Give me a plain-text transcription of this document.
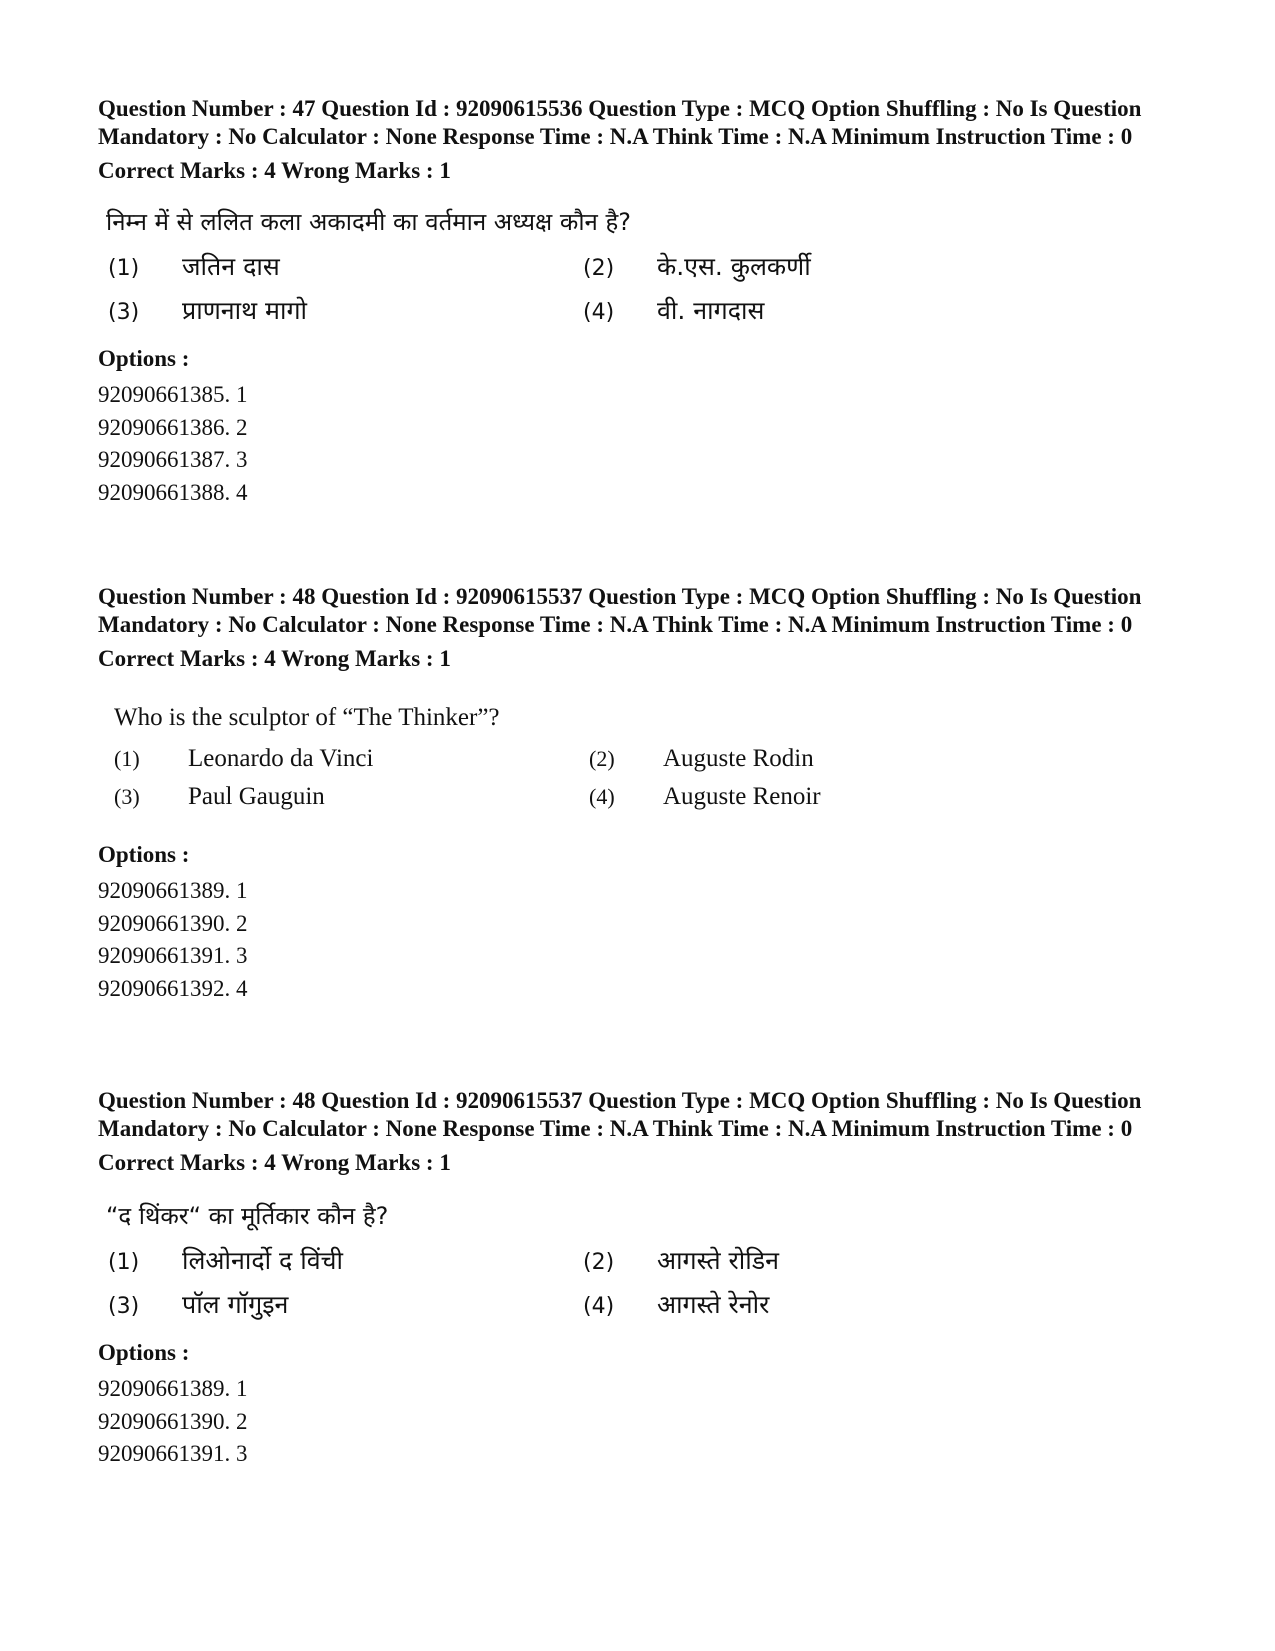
Question Number : 47 Question Id : 92090615536 Question Type : MCQ Option Shuffling : No Is Question Mandatory : No Calculator : None Response Time : N.A Think Time : N.A Minimum Instruction Time : 0

Correct Marks : 4 Wrong Marks : 1

निम्न में से ललित कला अकादमी का वर्तमान अध्यक्ष कौन है?

(1)	जतिन दास	(2)	के.एस. कुलकर्णी
(3)	प्राणनाथ मागो	(4)	वी. नागदास
Options :
92090661385. 1
92090661386. 2
92090661387. 3
92090661388. 4

Question Number : 48 Question Id : 92090615537 Question Type : MCQ Option Shuffling : No Is Question Mandatory : No Calculator : None Response Time : N.A Think Time : N.A Minimum Instruction Time : 0

Correct Marks : 4 Wrong Marks : 1

Who is the sculptor of “The Thinker”?

(1)	Leonardo da Vinci	(2)	Auguste Rodin
(3)	Paul Gauguin	(4)	Auguste Renoir
Options :
92090661389. 1
92090661390. 2
92090661391. 3
92090661392. 4

Question Number : 48 Question Id : 92090615537 Question Type : MCQ Option Shuffling : No Is Question Mandatory : No Calculator : None Response Time : N.A Think Time : N.A Minimum Instruction Time : 0

Correct Marks : 4 Wrong Marks : 1

“द थिंकर“ का मूर्तिकार कौन है?

(1)	लिओनार्दो द विंची	(2)	आगस्ते रोडिन
(3)	पॉल गॉगुइन	(4)	आगस्ते रेनोर
Options :
92090661389. 1
92090661390. 2
92090661391. 3
